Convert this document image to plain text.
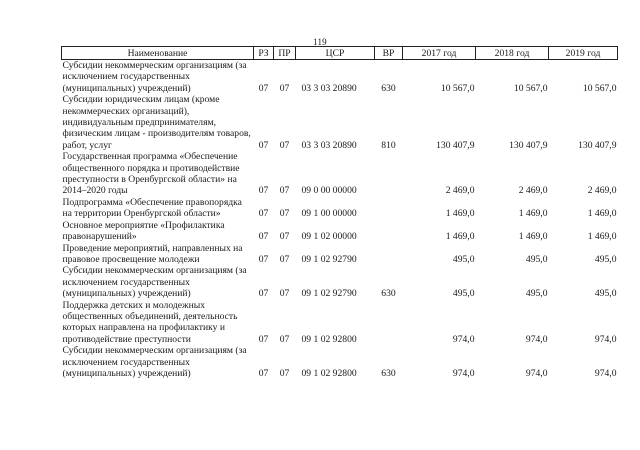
119
Наименование	РЗ	ПР	ЦСР	ВР	2017 год	2018 год	2019 год

Субсидии некоммерческим организациям (за исключением государственных (муниципальных) учреждений)	07	07	03 3 03 20890	630	10 567,0	10 567,0	10 567,0

Субсидии юридическим лицам (кроме некоммерческих организаций), индивидуальным предпринимателям, физическим лицам - производителям товаров, работ, услуг	07	07	03 3 03 20890	810	130 407,9	130 407,9	130 407,9

Государственная программа «Обеспечение общественного порядка и противодействие преступности в Оренбургской области» на 2014–2020 годы	07	07	09 0 00 00000		2 469,0	2 469,0	2 469,0

Подпрограмма «Обеспечение правопорядка на территории Оренбургской области»	07	07	09 1 00 00000		1 469,0	1 469,0	1 469,0

Основное мероприятие «Профилактика правонарушений»	07	07	09 1 02 00000		1 469,0	1 469,0	1 469,0

Проведение мероприятий, направленных на правовое просвещение молодежи	07	07	09 1 02 92790		495,0	495,0	495,0

Субсидии некоммерческим организациям (за исключением государственных (муниципальных) учреждений)	07	07	09 1 02 92790	630	495,0	495,0	495,0

Поддержка детских и молодежных общественных объединений, деятельность которых направлена на профилактику и противодействие преступности	07	07	09 1 02 92800		974,0	974,0	974,0

Субсидии некоммерческим организациям (за исключением государственных (муниципальных) учреждений)	07	07	09 1 02 92800	630	974,0	974,0	974,0
